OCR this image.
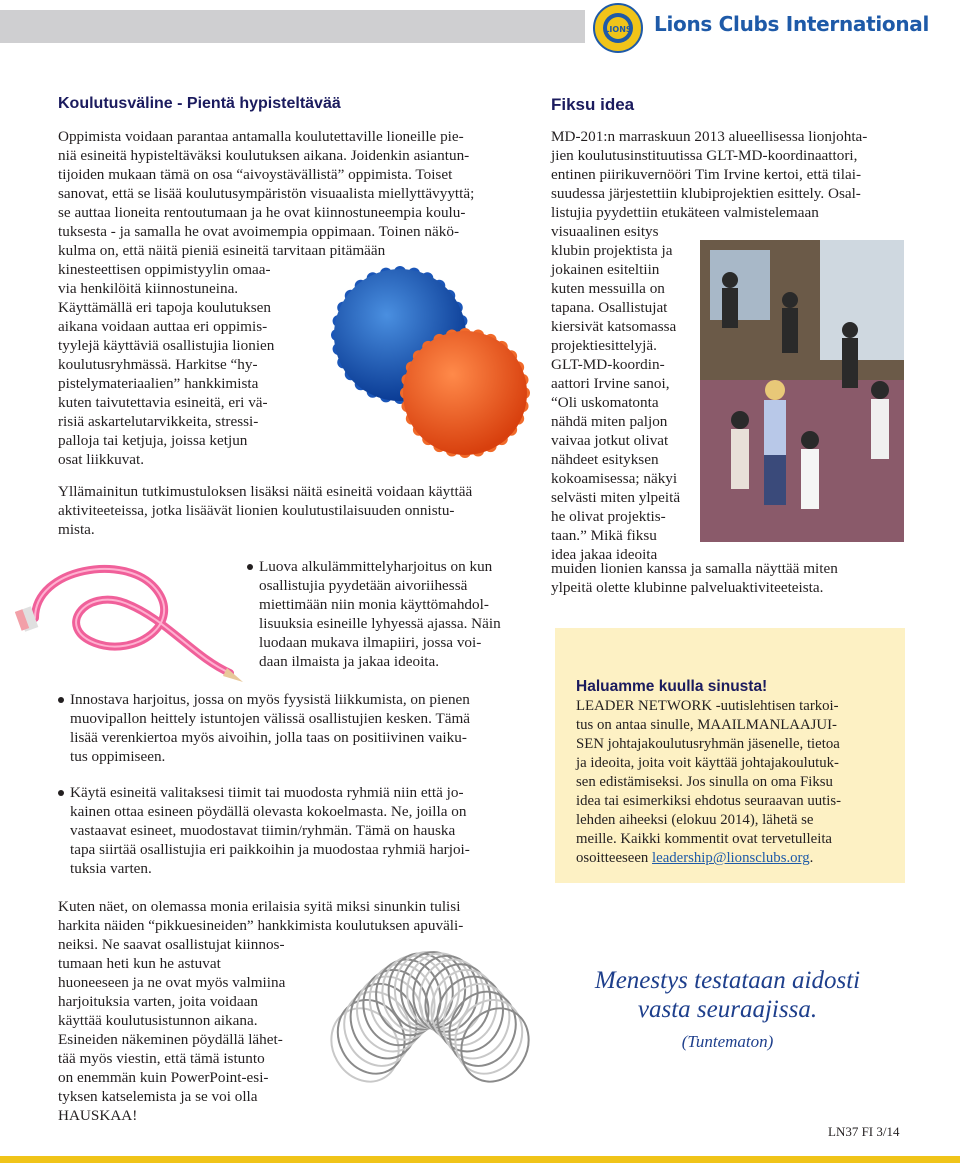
LIONS Lions Clubs International
Koulutusväline - Pientä hypisteltävää
Oppimista voidaan parantaa antamalla koulutettaville lioneille pie-
niä esineitä hypisteltäväksi koulutuksen aikana. Joidenkin asiantun-
tijoiden mukaan tämä on osa “aivoystävällistä” oppimista. Toiset
sanovat, että se lisää koulutusympäristön visuaalista miellyttävyyttä;
se auttaa lioneita rentoutumaan ja he ovat kiinnostuneempia koulu-
tuksesta - ja samalla he ovat avoimempia oppimaan. Toinen näkö-
kulma on, että näitä pieniä esineitä tarvitaan pitämään
kinesteettisen oppimistyylin omaa-
via henkilöitä kiinnostuneina.
Käyttämällä eri tapoja koulutuksen
aikana voidaan auttaa eri oppimis-
tyylejä käyttäviä osallistujia lionien
koulutusryhmässä. Harkitse “hy-
pistelymateriaalien” hankkimista
kuten taivutettavia esineitä, eri vä-
risiä askartelutarvikkeita, stressi-
palloja tai ketjuja, joissa ketjun
osat liikkuvat.
Yllämainitun tutkimustuloksen lisäksi näitä esineitä voidaan käyttää
aktiviteeteissa, jotka lisäävät lionien koulutustilaisuuden onnistu-
mista.
Luova alkulämmittelyharjoitus on kun
osallistujia pyydetään aivoriihessä
miettimään niin monia käyttömahdol-
lisuuksia esineille lyhyessä ajassa. Näin
luodaan mukava ilmapiiri, jossa voi-
daan ilmaista ja jakaa ideoita.
Innostava harjoitus, jossa on myös fyysistä liikkumista, on pienen
muovipallon heittely istuntojen välissä osallistujien kesken. Tämä
lisää verenkiertoa myös aivoihin, jolla taas on positiivinen vaiku-
tus oppimiseen.
Käytä esineitä valitaksesi tiimit tai muodosta ryhmiä niin että jo-
kainen ottaa esineen pöydällä olevasta kokoelmasta. Ne, joilla on
vastaavat esineet, muodostavat tiimin/ryhmän. Tämä on hauska
tapa siirtää osallistujia eri paikkoihin ja muodostaa ryhmiä harjoi-
tuksia varten.
Kuten näet, on olemassa monia erilaisia syitä miksi sinunkin tulisi
harkita näiden “pikkuesineiden” hankkimista koulutuksen apuväli-
neiksi. Ne saavat osallistujat kiinnos-
tumaan heti kun he astuvat
huoneeseen ja ne ovat myös valmiina
harjoituksia varten, joita voidaan
käyttää koulutusistunnon aikana.
Esineiden näkeminen pöydällä lähet-
tää myös viestin, että tämä istunto
on enemmän kuin PowerPoint-esi-
tyksen katselemista ja se voi olla
HAUSKAA!
Fiksu idea
MD-201:n marraskuun 2013 alueellisessa lionjohta-
jien koulutusinstituutissa GLT-MD-koordinaattori,
entinen piirikuvernööri Tim Irvine kertoi, että tilai-
suudessa järjestettiin klubiprojektien esittely. Osal-
listujia pyydettiin etukäteen valmistelemaan
visuaalinen esitys
klubin projektista ja
jokainen esiteltiin
kuten messuilla on
tapana. Osallistujat
kiersivät katsomassa
projektiesittelyjä.
GLT-MD-koordin-
aattori Irvine sanoi,
“Oli uskomatonta
nähdä miten paljon
vaivaa jotkut olivat
nähdeet esityksen
kokoamisessa; näkyi
selvästi miten ylpeitä
he olivat projektis-
taan.” Mikä fiksu
idea jakaa ideoita
muiden lionien kanssa ja samalla näyttää miten
ylpeitä olette klubinne palveluaktiviteeteista.
Haluamme kuulla sinusta!
LEADER NETWORK -uutislehtisen tarkoi-
tus on antaa sinulle, MAAILMANLAAJUI-
SEN johtajakoulutusryhmän jäsenelle, tietoa
ja ideoita, joita voit käyttää johtajakoulutuk-
sen edistämiseksi. Jos sinulla on oma Fiksu
idea tai esimerkiksi ehdotus seuraavan uutis-
lehden aiheeksi (elokuu 2014), lähetä se
meille. Kaikki kommentit ovat tervetulleita
osoitteeseen leadership@lionsclubs.org.
Menestys testataan aidosti
vasta seuraajissa.
(Tuntematon)
LN37 FI 3/14
